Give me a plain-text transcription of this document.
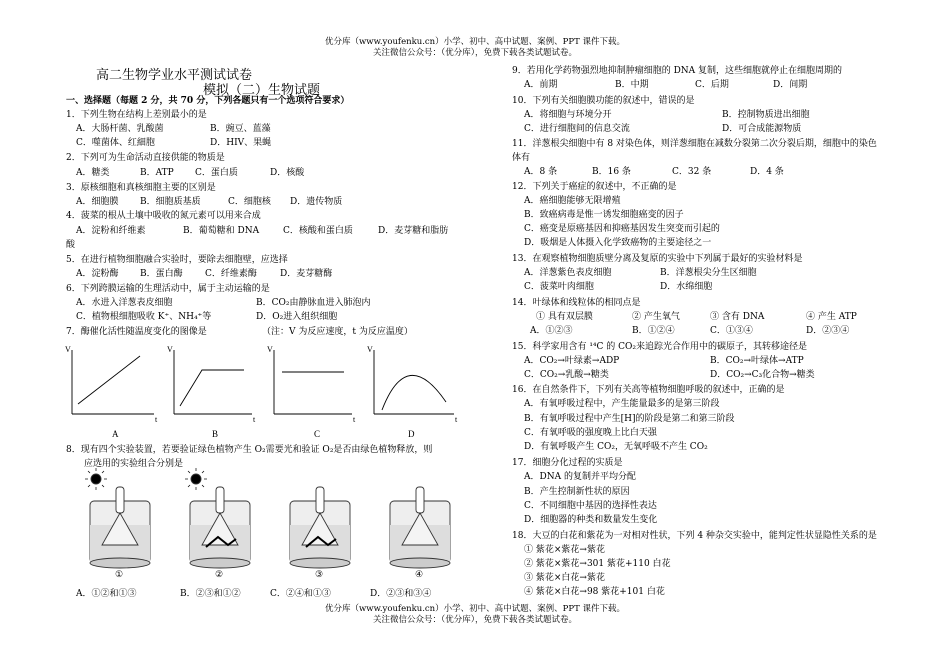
优分库（www.youfenku.cn）小学、初中、高中试题、案例、PPT 课件下载。
关注微信公众号：（优分库），免费下载各类试题试卷。
高二生物学业水平测试试卷
模拟（二）生物试题
一、选择题（每题 2 分，共 70 分，下列各题只有一个选项符合要求）
1．下列生物在结构上差别最小的是
A．大肠杆菌、乳酸菌	B．豌豆、蓝藻
C．噬菌体、红細胞	D．HIV、果蝇
2．下列可为生命活动直接供能的物质是
A．糖类	B．ATP C．蛋白质	D．核酸
3．原核细胞和真核细胞主要的区别是
A．细胞膜 B．细胞质基质	C．细胞核 D．遗传物质
4．菠菜的根从土壤中吸收的氮元素可以用来合成
A．淀粉和纤维素	B．葡萄糖和 DNA	C．核酸和蛋白质	D．麦芽糖和脂肪
酸
5．在进行植物细胞融合实验时，要除去细胞壁，应选择
A．淀粉酶 B．蛋白酶 C．纤维素酶	D．麦芽糖酶
6．下列跨膜运输的生理活动中，属于主动运输的是
A．水进入洋葱表皮细胞	B．CO₂由静脉血进入肺泡内
C．植物根细胞吸收 K⁺、NH₄⁺等	D．O₂进入组织细胞
7．酶催化活性随温度变化的图像是	（注：V 为反应速度，t 为反应温度）
V
t
V
t
V
t
V
t
A	B	C	D
8．现有四个实验装置，若要验证绿色植物产生 O₂需要光和验证 O₂是否由绿色植物释放，则
应选用的实验组合分别是
①	②	③	④
A．①②和①③	B．②③和①②	C．②④和①③	D．②③和③④
9．若用化学药物强烈地抑制肿瘤细胞的 DNA 复制，这些细胞就停止在细胞周期的
A．前期	B．中期	C．后期	D．间期
10．下列有关细胞膜功能的叙述中，错误的是
A．将细胞与环境分开	B．控制物质进出细胞
C．进行细胞间的信息交流	D．可合成能源物质
11．洋葱根尖细胞中有 8 对染色体，则洋葱细胞在减数分裂第二次分裂后期，细胞中的染色
体有
A．8 条	B．16 条	C．32 条	D．4 条
12．下列关于癌症的叙述中，不正确的是
A．癌细胞能够无限增殖
B．致癌病毒是惟一诱发细胞癌变的因子
C．癌变是原癌基因和抑癌基因发生突变而引起的
D．吸烟是人体摄入化学致癌物的主要途径之一
13．在观察植物细胞质壁分离及复原的实验中下列属于最好的实验材料是
A．洋葱紫色表皮细胞	B．洋葱根尖分生区细胞
C．菠菜叶肉细胞	D．水绵细胞
14．叶绿体和线粒体的相同点是
① 具有双层膜	② 产生氧气	③ 含有 DNA	④ 产生 ATP
A．①②③	B．①②④	C．①③④	D．②③④
15．科学家用含有 ¹⁴C 的 CO₂来追踪光合作用中的碳原子，其转移途径是
A．CO₂→叶绿素→ADP	B．CO₂→叶绿体→ATP
C．CO₂→乳酸→糖类	D．CO₂→C₃化合物→糖类
16．在自然条件下，下列有关高等植物细胞呼吸的叙述中，正确的是
A．有氧呼吸过程中，产生能量最多的是第三阶段
B．有氧呼吸过程中产生[H]的阶段是第二和第三阶段
C．有氧呼吸的强度晚上比白天强
D．有氧呼吸产生 CO₂，无氧呼吸不产生 CO₂
17．细胞分化过程的实质是
A．DNA 的复制并平均分配
B．产生控制新性状的原因
C．不同细胞中基因的选择性表达
D．细胞器的种类和数量发生变化
18．大豆的白花和紫花为一对相对性状，下列 4 种杂交实验中，能判定性状显隐性关系的是
① 紫花×紫花→紫花
② 紫花×紫花→301 紫花+110 白花
③ 紫花×白花→紫花
④ 紫花×白花→98 紫花+101 白花
优分库（www.youfenku.cn）小学、初中、高中试题、案例、PPT 课件下载。
关注微信公众号：（优分库），免费下载各类试题试卷。
